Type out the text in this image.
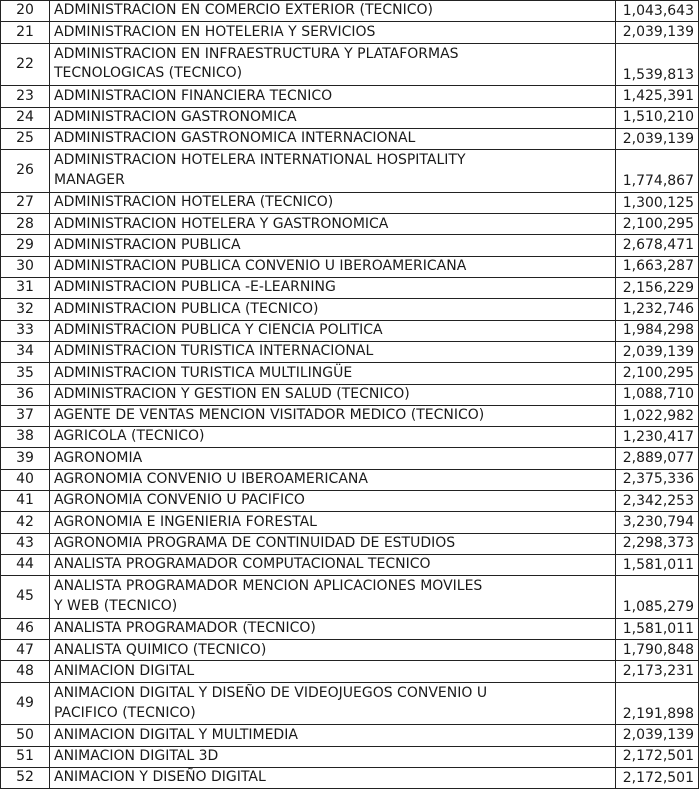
20	ADMINISTRACION EN COMERCIO EXTERIOR (TECNICO)	1,043,643
21	ADMINISTRACION EN HOTELERIA Y SERVICIOS	2,039,139
22	ADMINISTRACION EN INFRAESTRUCTURA Y PLATAFORMAS
TECNOLOGICAS (TECNICO)	1,539,813
23	ADMINISTRACION FINANCIERA TECNICO	1,425,391
24	ADMINISTRACION GASTRONOMICA	1,510,210
25	ADMINISTRACION GASTRONOMICA INTERNACIONAL	2,039,139
26	ADMINISTRACION HOTELERA INTERNATIONAL HOSPITALITY
MANAGER	1,774,867
27	ADMINISTRACION HOTELERA (TECNICO)	1,300,125
28	ADMINISTRACION HOTELERA Y GASTRONOMICA	2,100,295
29	ADMINISTRACION PUBLICA	2,678,471
30	ADMINISTRACION PUBLICA CONVENIO U IBEROAMERICANA	1,663,287
31	ADMINISTRACION PUBLICA -E-LEARNING	2,156,229
32	ADMINISTRACION PUBLICA (TECNICO)	1,232,746
33	ADMINISTRACION PUBLICA Y CIENCIA POLITICA	1,984,298
34	ADMINISTRACION TURISTICA INTERNACIONAL	2,039,139
35	ADMINISTRACION TURISTICA MULTILINGÜE	2,100,295
36	ADMINISTRACION Y GESTION EN SALUD (TECNICO)	1,088,710
37	AGENTE DE VENTAS MENCION VISITADOR MEDICO (TECNICO)	1,022,982
38	AGRICOLA (TECNICO)	1,230,417
39	AGRONOMIA	2,889,077
40	AGRONOMIA CONVENIO U IBEROAMERICANA	2,375,336
41	AGRONOMIA CONVENIO U PACIFICO	2,342,253
42	AGRONOMIA E INGENIERIA FORESTAL	3,230,794
43	AGRONOMIA PROGRAMA DE CONTINUIDAD DE ESTUDIOS	2,298,373
44	ANALISTA PROGRAMADOR COMPUTACIONAL TECNICO	1,581,011
45	ANALISTA PROGRAMADOR MENCION APLICACIONES MOVILES
Y WEB (TECNICO)	1,085,279
46	ANALISTA PROGRAMADOR (TECNICO)	1,581,011
47	ANALISTA QUIMICO (TECNICO)	1,790,848
48	ANIMACION DIGITAL	2,173,231
49	ANIMACION DIGITAL Y DISEÑO DE VIDEOJUEGOS CONVENIO U
PACIFICO (TECNICO)	2,191,898
50	ANIMACION DIGITAL Y MULTIMEDIA	2,039,139
51	ANIMACION DIGITAL 3D	2,172,501
52	ANIMACION Y DISEÑO DIGITAL	2,172,501
